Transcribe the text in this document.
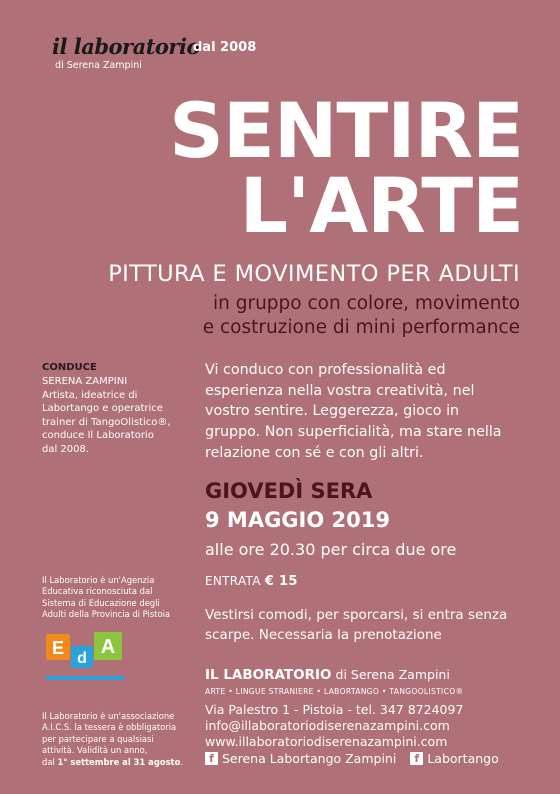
il laboratorio
dal 2008
di Serena Zampini
SENTIRE
L'ARTE
PITTURA E MOVIMENTO PER ADULTI
in gruppo con colore, movimento
e costruzione di mini performance
CONDUCE
SERENA ZAMPINI
Artista, ideatrice di
Labortango e operatrice
trainer di TangoOlistico®,
conduce Il Laboratorio
dal 2008.
Vi conduco con professionalità ed
esperienza nella vostra creatività, nel
vostro sentire. Leggerezza, gioco in
gruppo. Non superficialità, ma stare nella
relazione con sé e con gli altri.
GIOVEDÌ SERA
9 MAGGIO 2019
alle ore 20.30 per circa due ore
ENTRATA € 15
Vestirsi comodi, per sporcarsi, si entra senza
scarpe. Necessaria la prenotazione
Il Laboratorio è un'Agenzia
Educativa riconosciuta dal
Sistema di Educazione degli
Adulti della Provincia di Pistoia
E
d
A
Il Laboratorio è un'associazione
A.I.C.S. la tessera è obbligatoria
per partecipare a qualsiasi
attività. Validità un anno,
dal 1° settembre al 31 agosto.
IL LABORATORIO di Serena Zampini
ARTE • LINGUE STRANIERE • LABORTANGO • TANGOOLISTICO®
Via Palestro 1 - Pistoia - tel. 347 8724097
info@illaboratoriodiserenazampini.com
www.illaboratoriodiserenazampini.com
f Serena Labortango Zampini	f Labortango
